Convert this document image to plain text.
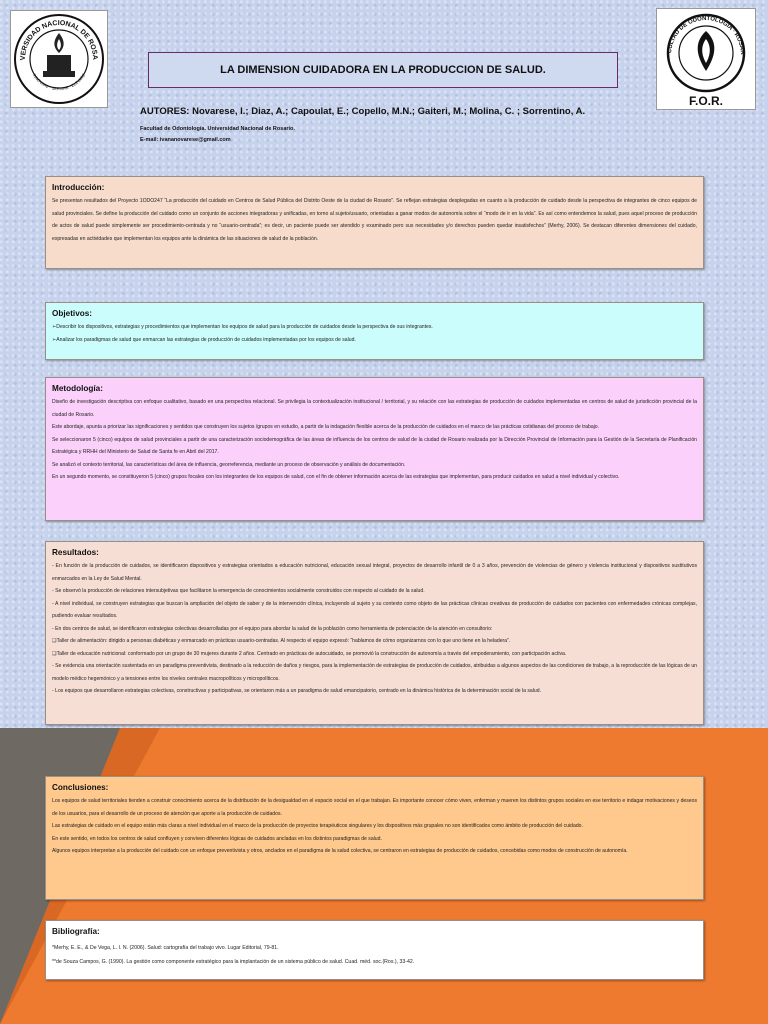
VERSIDAD NACIONAL DE ROSA
INNOVARE · SERVIRE · ELEVARE
CULTAD DE ODONTOLOGIA · ROSAR
F.O.R.
LA DIMENSION CUIDADORA EN LA PRODUCCION DE SALUD.
AUTORES: Novarese, I.; Diaz, A.; Capoulat, E.; Copello, M.N.; Gaiteri, M.; Molina, C. ; Sorrentino, A.
Facultad de Odontología. Universidad Nacional de Rosario.
E-mail: ivananovarese@gmail.com
Introducción:

Se presentan resultados del Proyecto 1ODO247 “La producción del cuidado en Centros de Salud Pública del Distrito Oeste de la ciudad de Rosario”. Se reflejan estrategias desplegadas en cuanto a la producción de cuidado desde la perspectiva de integrantes de cinco equipos de salud provinciales. Se define la producción del cuidado como un conjunto de acciones integradoras y unificadas, en torno al sujeto/usuario, orientadas a ganar modos de autonomía sobre el “modo de ir en la vida”. Es así como entendemos la salud, pues aquel proceso de producción de actos de salud puede simplemente ser procedimiento-centrada y no “usuario-centrada”; es decir, un paciente puede ser atendido y examinado pero sus necesidades y/o derechos pueden quedar insatisfechos” (Merhy, 2006). Se destacan diferentes dimensiones del cuidado, expresadas en actividades que implementan los equipos ante la dinámica de las situaciones de salud de la población.

Objetivos:

➢Describir los dispositivos, estrategias y procedimientos que implementan los equipos de salud para la producción de cuidados desde la perspectiva de sus integrantes.

➢Analizar los paradigmas de salud que enmarcan las estrategias de producción de cuidados implementadas por los equipos de salud.

Metodología:

Diseño de investigación descriptiva con enfoque cualitativo, basado en una perspectiva relacional. Se privilegia la contextualización institucional / territorial, y su relación con las estrategias de producción de cuidados implementadas en centros de salud de jurisdicción provincial de la ciudad de Rosario.

Este abordaje, apunta a priorizar las significaciones y sentidos que construyen los sujetos /grupos en estudio, a partir de la indagación flexible acerca de la producción de cuidados en el marco de las prácticas cotidianas del proceso de trabajo.

Se seleccionaron 5 (cinco) equipos de salud provinciales a partir de una caracterización sociodemográfica de las áreas de influencia de los centros de salud de la ciudad de Rosario realizada por la Dirección Provincial de Información para la Gestión de la Secretaría de Planificación Estratégica y RRHH del Ministerio de Salud de Santa fe en Abril del 2017.

Se analizó el contexto territorial, las características del área de influencia, georreferencia, mediante un proceso de observación y análisis de documentación.

En un segundo momento, se constituyeron 5 (cinco) grupos focales con los integrantes de los equipos de salud, con el fin de obtener información acerca de las estrategias que implementan, para producir cuidados en salud a nivel individual y colectivo.

Resultados:

- En función de la producción de cuidados, se identificaron dispositivos y estrategias orientados a educación nutricional, educación sexual integral, proyectos de desarrollo infantil de 0 a 3 años, prevención de violencias de género y violencia institucional y dispositivos sustitutivos enmarcados en la Ley de Salud Mental.

- Se observó la producción de relaciones intersubjetivas que facilitaron la emergencia de conocimientos socialmente construidos con respecto al cuidado de la salud.

- A nivel individual, se construyen estrategias que buscan la ampliación del objeto de saber y de la intervención clínica, incluyendo al sujeto y su contexto como objeto de las prácticas clínicas creativas de producción de cuidados con pacientes con enfermedades crónicas complejas, pudiendo evaluar resultados.

- En dos centros de salud, se identificaron estrategias colectivas desarrolladas por el equipo para abordar la salud de la población como herramienta de potenciación de la atención en consultorio:

❑Taller de alimentación: dirigido a personas diabéticas y enmarcado en prácticas usuario-centradas. Al respecto el equipo expresó: “hablamos de cómo organizarnos con lo que uno tiene en la heladera”.

❑Taller de educación nutricional: conformado por un grupo de 30 mujeres durante 2 años. Centrado en prácticas de autocuidado, se promovió la construcción de autonomía a través del empoderamiento, con participación activa.

- Se evidencia una orientación sustentada en un paradigma preventivista, destinado a la reducción de daños y riesgos, para la implementación de estrategias de producción de cuidados, atribuidas a algunos aspectos de las condiciones de trabajo, a la reproducción de las lógicas de un modelo médico hegemónico y a tensiones entre los niveles centrales macropolíticos y micropolíticos.

- Los equipos que desarrollaron estrategias colectivas, constructivas y participativas, se orientaron más a un paradigma de salud emancipatorio, centrado en la dinámica histórica de la determinación social de la salud.

Conclusiones:

Los equipos de salud territoriales tienden a construir conocimiento acerca de la distribución de la desigualdad en el espacio social en el que trabajan. Es importante conocer cómo viven, enferman y mueren los distintos grupos sociales en ese territorio e indagar motivaciones y deseos de los usuarios, para el desarrollo de un proceso de atención que aporte a la producción de cuidados.

Las estrategias de cuidado en el equipo están más claras a nivel individual en el marco de la producción de proyectos terapéuticos singulares y los dispositivos más grupales no son identificados como ámbito de producción del cuidado.

En este sentido, en todos los centros de salud confluyen y conviven diferentes lógicas de cuidados ancladas en los distintos paradigmas de salud.

Algunos equipos interpretan a la producción del cuidado con un enfoque preventivista y otros, anclados en el paradigma de la salud colectiva, se centraron en estrategias de producción de cuidados, concebidas como modos de construcción de autonomía.

Bibliografía:

*Merhy, E. E., & De Vega, L. I. N. (2006). Salud: cartografía del trabajo vivo. Lugar Editorial, 79-81.

**de Souza Campos, G. (1990). La gestión como componente estratégico para la implantación de un sistema público de salud. Cuad. méd. soc.(Ros.), 33-42.
